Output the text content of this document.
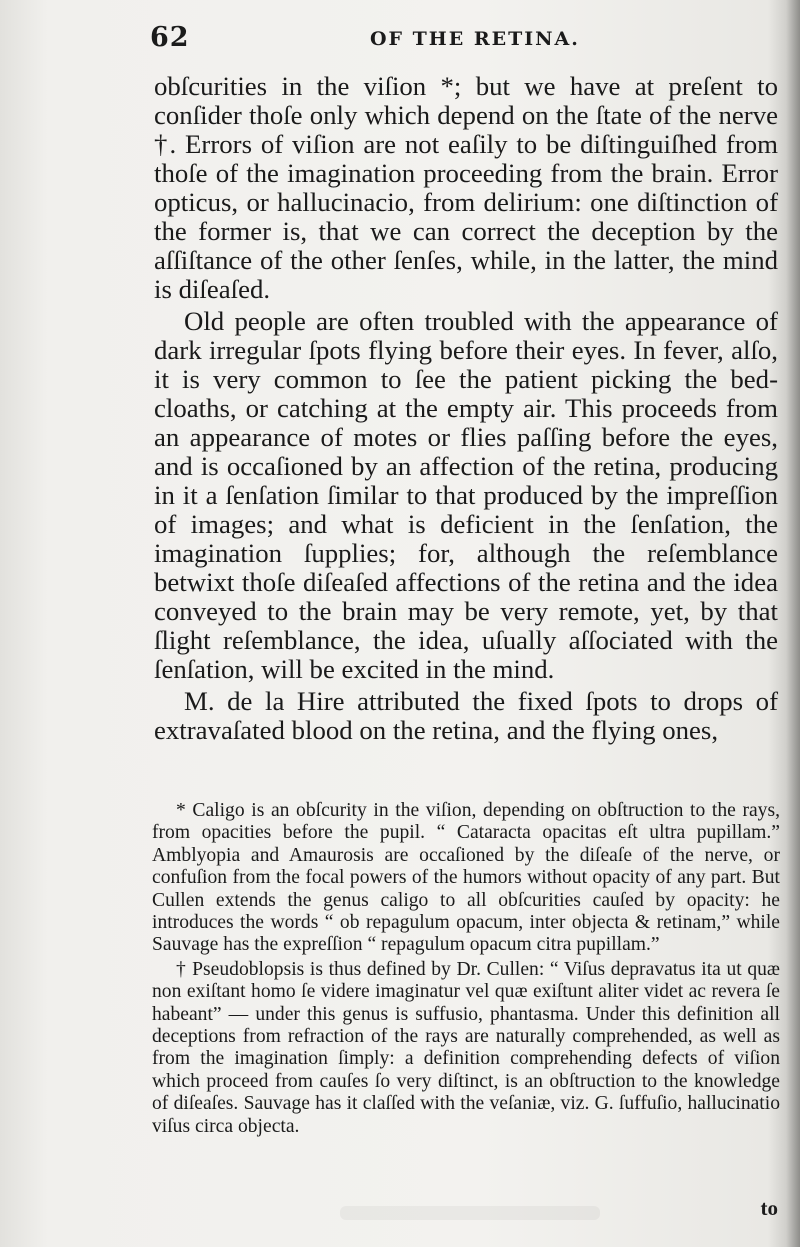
62	OF THE RETINA.

obſcurities in the viſion *; but we have at preſent to conſider thoſe only which depend on the ſtate of the nerve †. Errors of viſion are not eaſily to be diſtinguiſhed from thoſe of the imagination proceeding from the brain. Error opticus, or hallucinacio, from delirium: one diſtinction of the former is, that we can correct the deception by the aſſiſtance of the other ſenſes, while, in the latter, the mind is diſeaſed.

Old people are often troubled with the appearance of dark irregular ſpots flying before their eyes. In fever, alſo, it is very common to ſee the patient picking the bed-cloaths, or catching at the empty air. This proceeds from an appearance of motes or flies paſſing before the eyes, and is occaſioned by an affection of the retina, producing in it a ſenſation ſimilar to that produced by the impreſſion of images; and what is deficient in the ſenſation, the imagination ſupplies; for, although the reſemblance betwixt thoſe diſeaſed affections of the retina and the idea conveyed to the brain may be very remote, yet, by that ſlight reſemblance, the idea, uſually aſſociated with the ſenſation, will be excited in the mind.

M. de la Hire attributed the fixed ſpots to drops of extravaſated blood on the retina, and the flying ones,

* Caligo is an obſcurity in the viſion, depending on obſtruction to the rays, from opacities before the pupil. “ Cataracta opacitas eſt ultra pupillam.” Amblyopia and Amaurosis are occaſioned by the diſeaſe of the nerve, or confuſion from the focal powers of the humors without opacity of any part. But Cullen extends the genus caligo to all obſcurities cauſed by opacity: he introduces the words “ ob repagulum opacum, inter objecta & retinam,” while Sauvage has the expreſſion “ repagulum opacum citra pupillam.”

† Pseudoblopsis is thus defined by Dr. Cullen: “ Viſus depravatus ita ut quæ non exiſtant homo ſe videre imaginatur vel quæ exiſtunt aliter videt ac revera ſe habeant” — under this genus is suffusio, phantasma. Under this definition all deceptions from refraction of the rays are naturally comprehended, as well as from the imagination ſimply: a definition comprehending defects of viſion which proceed from cauſes ſo very diſtinct, is an obſtruction to the knowledge of diſeaſes. Sauvage has it claſſed with the veſaniæ, viz. G. ſuffuſio, hallucinatio viſus circa objecta.

to
